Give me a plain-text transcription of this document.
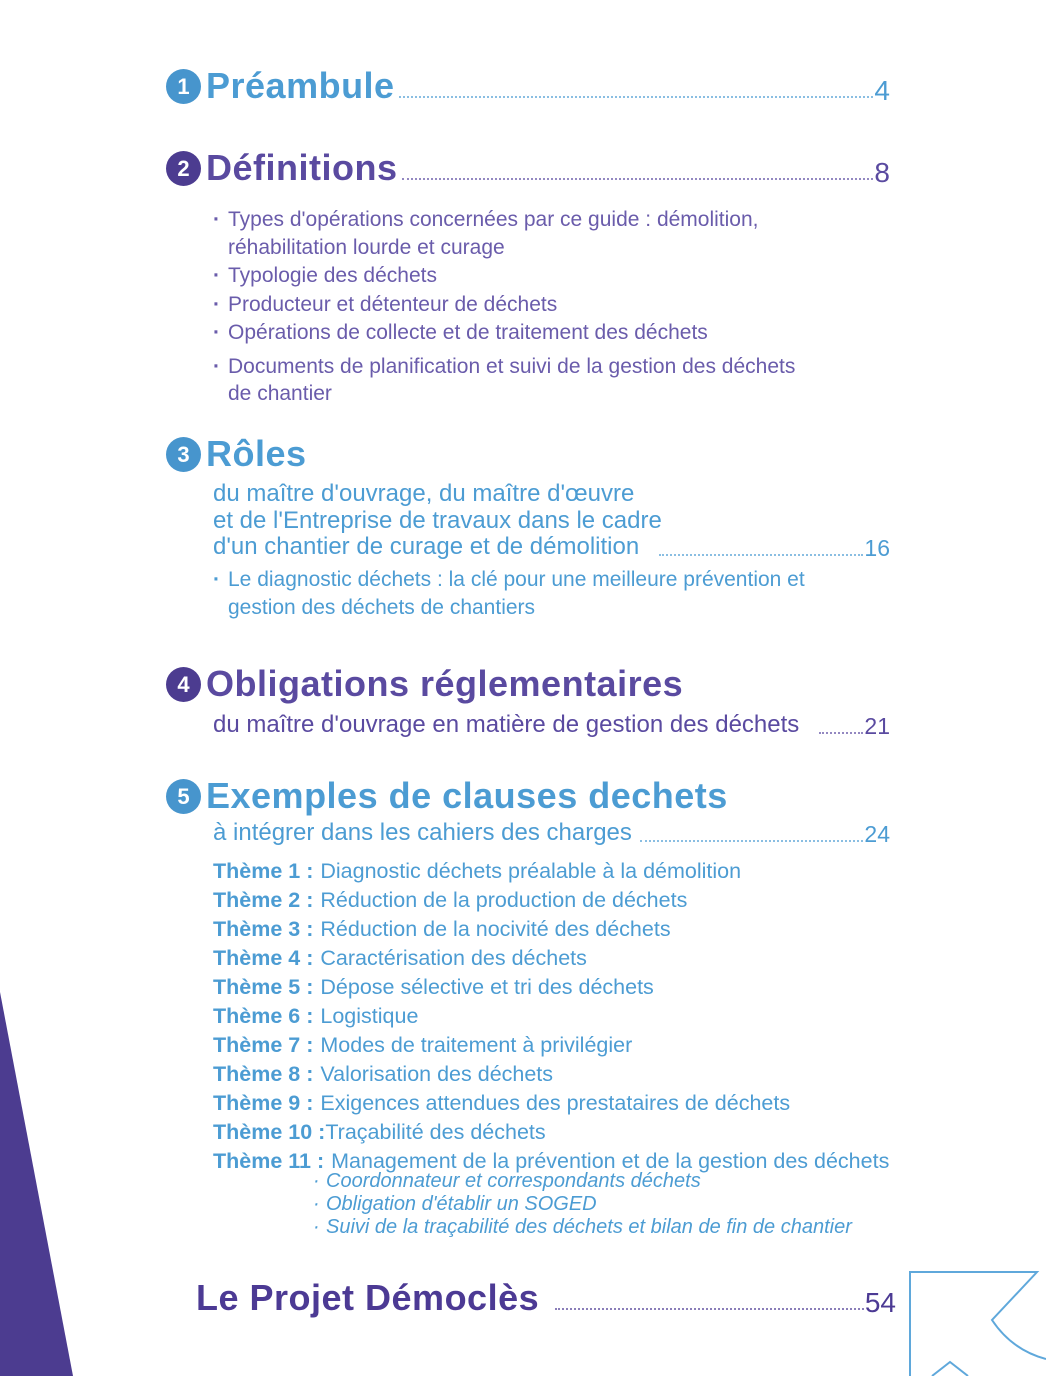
1 Préambule	4
2 Définitions	8
· Types d'opérations concernées par ce guide : démolition, réhabilitation lourde et curage
· Typologie des déchets
· Producteur et détenteur de déchets
· Opérations de collecte et de traitement des déchets
· Documents de planification et suivi de la gestion des déchets de chantier
3 Rôles
du maître d'ouvrage, du maître d'œuvre
et de l'Entreprise de travaux dans le cadre
d'un chantier de curage et de démolition	16
· Le diagnostic déchets : la clé pour une meilleure prévention et gestion des déchets de chantiers
4 Obligations réglementaires
du maître d'ouvrage en matière de gestion des déchets	21
5 Exemples de clauses dechets
à intégrer dans les cahiers des charges	24
Thème 1 : Diagnostic déchets préalable à la démolition
Thème 2 : Réduction de la production de déchets
Thème 3 : Réduction de la nocivité des déchets
Thème 4 : Caractérisation des déchets
Thème 5 : Dépose sélective et tri des déchets
Thème 6 : Logistique
Thème 7 : Modes de traitement à privilégier
Thème 8 : Valorisation des déchets
Thème 9 : Exigences attendues des prestataires de déchets
Thème 10 :Traçabilité des déchets
Thème 11 : Management de la prévention et de la gestion des déchets
· Coordonnateur et correspondants déchets
· Obligation d'établir un SOGED
· Suivi de la traçabilité des déchets et bilan de fin de chantier
Le Projet Démoclès	54
